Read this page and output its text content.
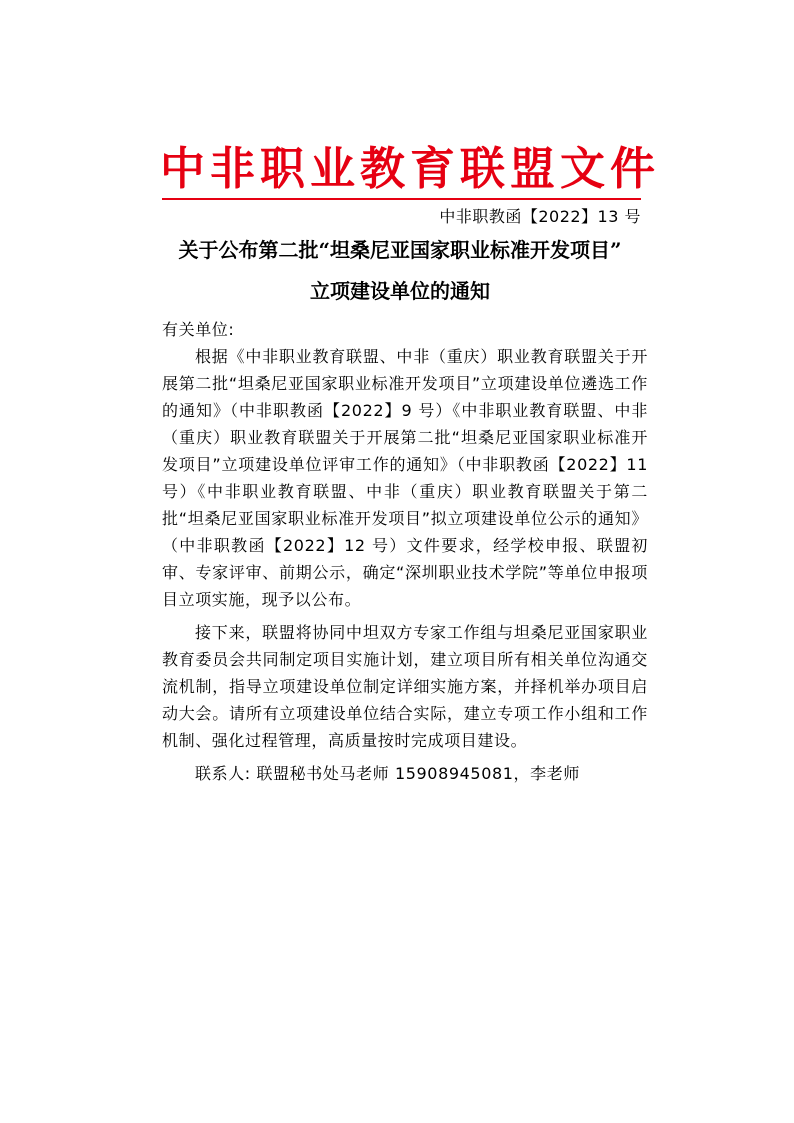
中非职业教育联盟文件
中非职教函【2022】13 号
关于公布第二批“坦桑尼亚国家职业标准开发项目”
立项建设单位的通知

有关单位:

根据《中非职业教育联盟、中非（重庆）职业教育联盟关于开展第二批“坦桑尼亚国家职业标准开发项目”立项建设单位遴选工作的通知》（中非职教函【2022】9 号）《中非职业教育联盟、中非（重庆）职业教育联盟关于开展第二批“坦桑尼亚国家职业标准开发项目”立项建设单位评审工作的通知》（中非职教函【2022】11 号）《中非职业教育联盟、中非（重庆）职业教育联盟关于第二批“坦桑尼亚国家职业标准开发项目”拟立项建设单位公示的通知》（中非职教函【2022】12 号）文件要求，经学校申报、联盟初审、专家评审、前期公示，确定“深圳职业技术学院”等单位申报项目立项实施，现予以公布。

接下来，联盟将协同中坦双方专家工作组与坦桑尼亚国家职业教育委员会共同制定项目实施计划，建立项目所有相关单位沟通交流机制，指导立项建设单位制定详细实施方案，并择机举办项目启动大会。请所有立项建设单位结合实际，建立专项工作小组和工作机制、强化过程管理，高质量按时完成项目建设。

联系人: 联盟秘书处马老师 15908945081，李老师
